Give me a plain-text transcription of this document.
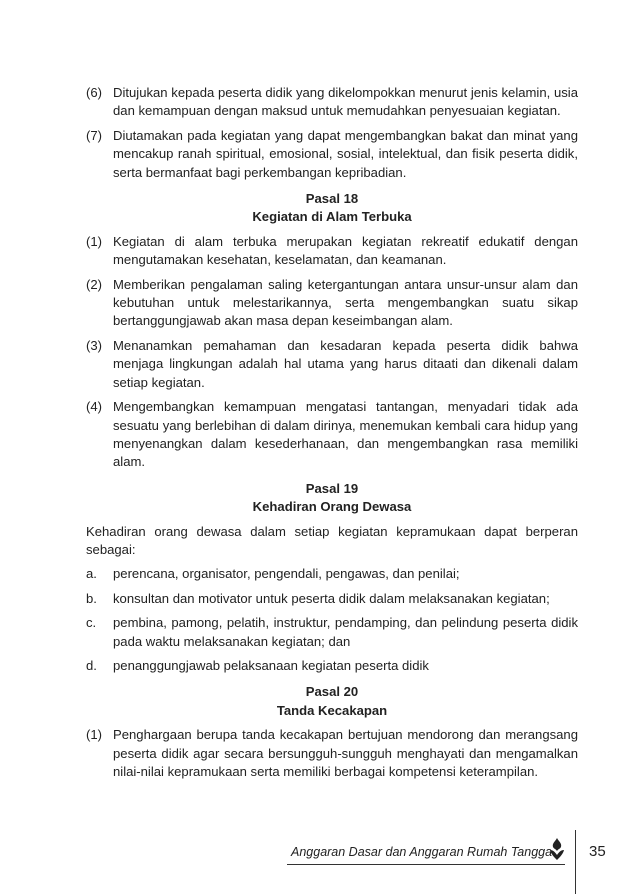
(6) Ditujukan kepada peserta didik yang dikelompokkan menurut jenis kelamin, usia dan kemampuan dengan maksud untuk memudahkan penyesuaian kegiatan.
(7) Diutamakan pada kegiatan yang dapat mengembangkan bakat dan minat yang mencakup ranah spiritual, emosional, sosial, intelektual, dan fisik peserta didik, serta bermanfaat bagi perkembangan kepribadian.
Pasal 18
Kegiatan di Alam Terbuka
(1) Kegiatan di alam terbuka merupakan kegiatan rekreatif edukatif dengan mengutamakan kesehatan, keselamatan, dan keamanan.
(2) Memberikan pengalaman saling ketergantungan antara unsur-unsur alam dan kebutuhan untuk melestarikannya, serta mengembangkan suatu sikap bertanggungjawab akan masa depan keseimbangan alam.
(3) Menanamkan pemahaman dan kesadaran kepada peserta didik bahwa menjaga lingkungan adalah hal utama yang harus ditaati dan dikenali dalam setiap kegiatan.
(4) Mengembangkan kemampuan mengatasi tantangan, menyadari tidak ada sesuatu yang berlebihan di dalam dirinya, menemukan kembali cara hidup yang menyenangkan dalam kesederhanaan, dan mengembangkan rasa memiliki alam.
Pasal 19
Kehadiran Orang Dewasa
Kehadiran orang dewasa dalam setiap kegiatan kepramukaan dapat berperan sebagai:
a. perencana, organisator, pengendali, pengawas, dan penilai;
b. konsultan dan motivator untuk peserta didik dalam melaksanakan kegiatan;
c. pembina, pamong, pelatih, instruktur, pendamping, dan pelindung peserta didik pada waktu melaksanakan kegiatan; dan
d. penanggungjawab pelaksanaan kegiatan peserta didik
Pasal 20
Tanda Kecakapan
(1) Penghargaan berupa tanda kecakapan bertujuan mendorong dan merangsang peserta didik agar secara bersungguh-sungguh menghayati dan mengamalkan nilai-nilai kepramukaan serta memiliki berbagai kompetensi keterampilan.
Anggaran Dasar dan Anggaran Rumah Tangga 35
